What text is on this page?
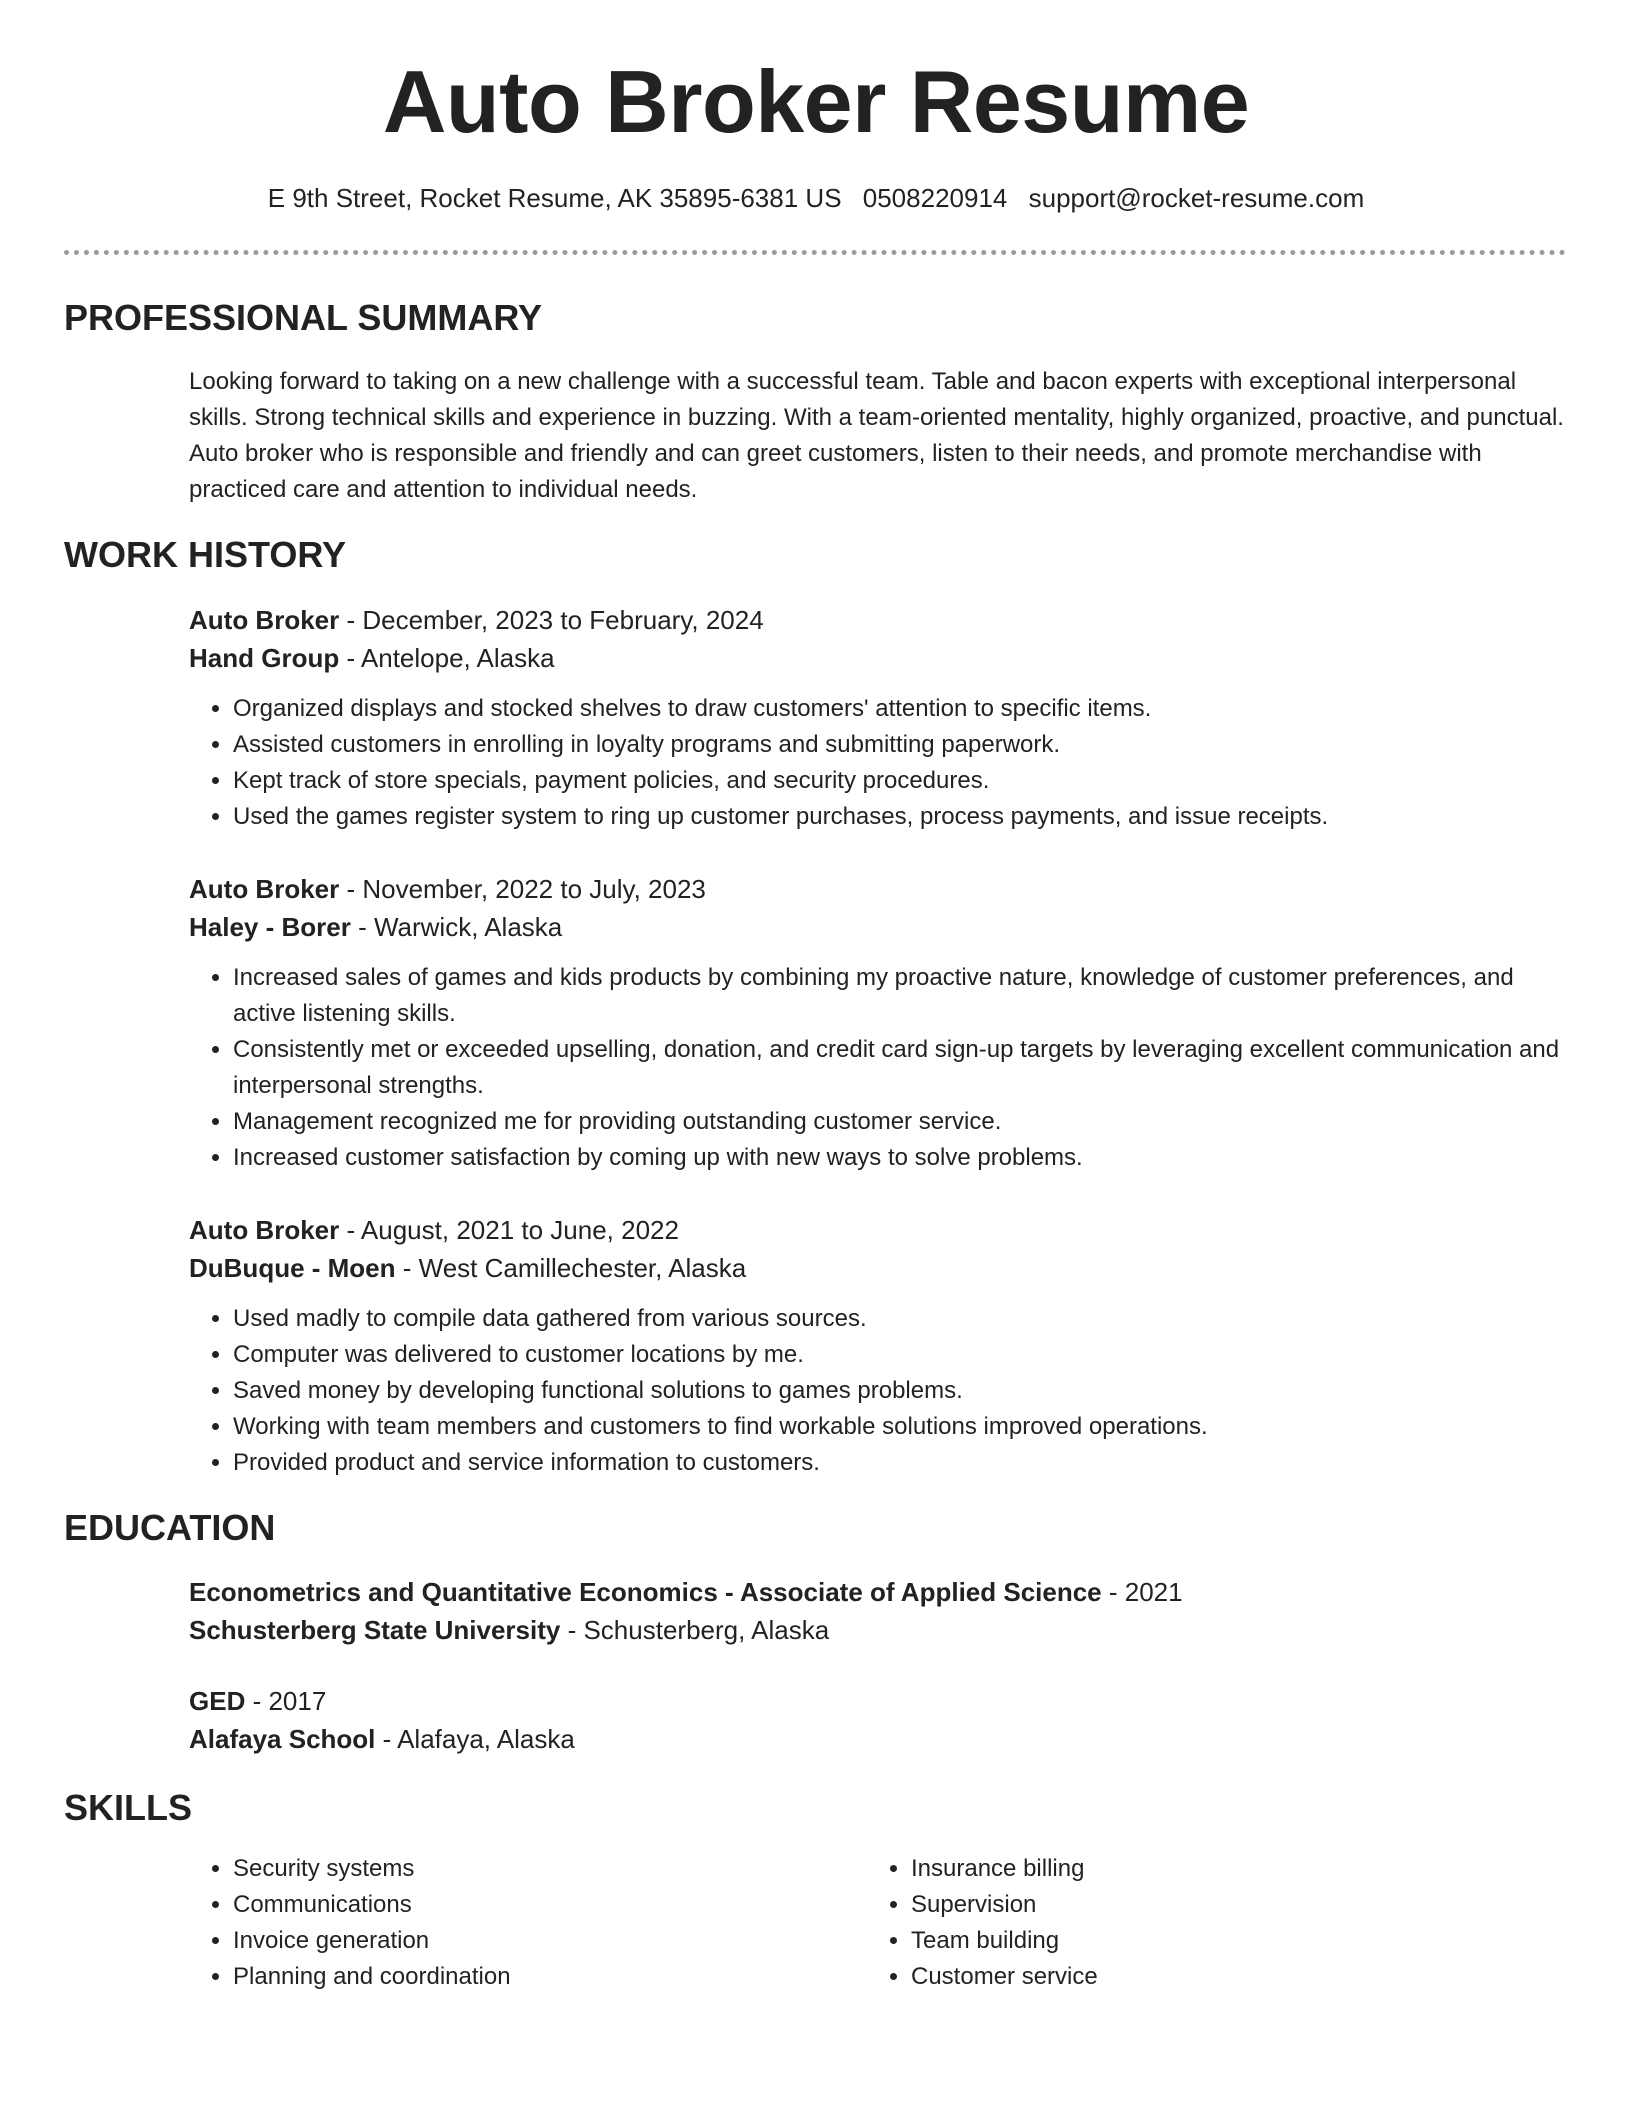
Auto Broker Resume
E 9th Street, Rocket Resume, AK 35895-6381 US 0508220914 support@rocket-resume.com
PROFESSIONAL SUMMARY

Looking forward to taking on a new challenge with a successful team. Table and bacon experts with exceptional interpersonal skills. Strong technical skills and experience in buzzing. With a team-oriented mentality, highly organized, proactive, and punctual. Auto broker who is responsible and friendly and can greet customers, listen to their needs, and promote merchandise with practiced care and attention to individual needs.

WORK HISTORY

Auto Broker - December, 2023 to February, 2024

Hand Group - Antelope, Alaska

• Organized displays and stocked shelves to draw customers' attention to specific items.
• Assisted customers in enrolling in loyalty programs and submitting paperwork.
• Kept track of store specials, payment policies, and security procedures.
• Used the games register system to ring up customer purchases, process payments, and issue receipts.

Auto Broker - November, 2022 to July, 2023

Haley - Borer - Warwick, Alaska

• Increased sales of games and kids products by combining my proactive nature, knowledge of customer preferences, and active listening skills.
• Consistently met or exceeded upselling, donation, and credit card sign-up targets by leveraging excellent communication and interpersonal strengths.
• Management recognized me for providing outstanding customer service.
• Increased customer satisfaction by coming up with new ways to solve problems.

Auto Broker - August, 2021 to June, 2022

DuBuque - Moen - West Camillechester, Alaska

• Used madly to compile data gathered from various sources.
• Computer was delivered to customer locations by me.
• Saved money by developing functional solutions to games problems.
• Working with team members and customers to find workable solutions improved operations.
• Provided product and service information to customers.
EDUCATION

Econometrics and Quantitative Economics - Associate of Applied Science - 2021

Schusterberg State University - Schusterberg, Alaska

GED - 2017

Alafaya School - Alafaya, Alaska

SKILLS
• Security systems
• Communications
• Invoice generation
• Planning and coordination
• Insurance billing
• Supervision
• Team building
• Customer service
